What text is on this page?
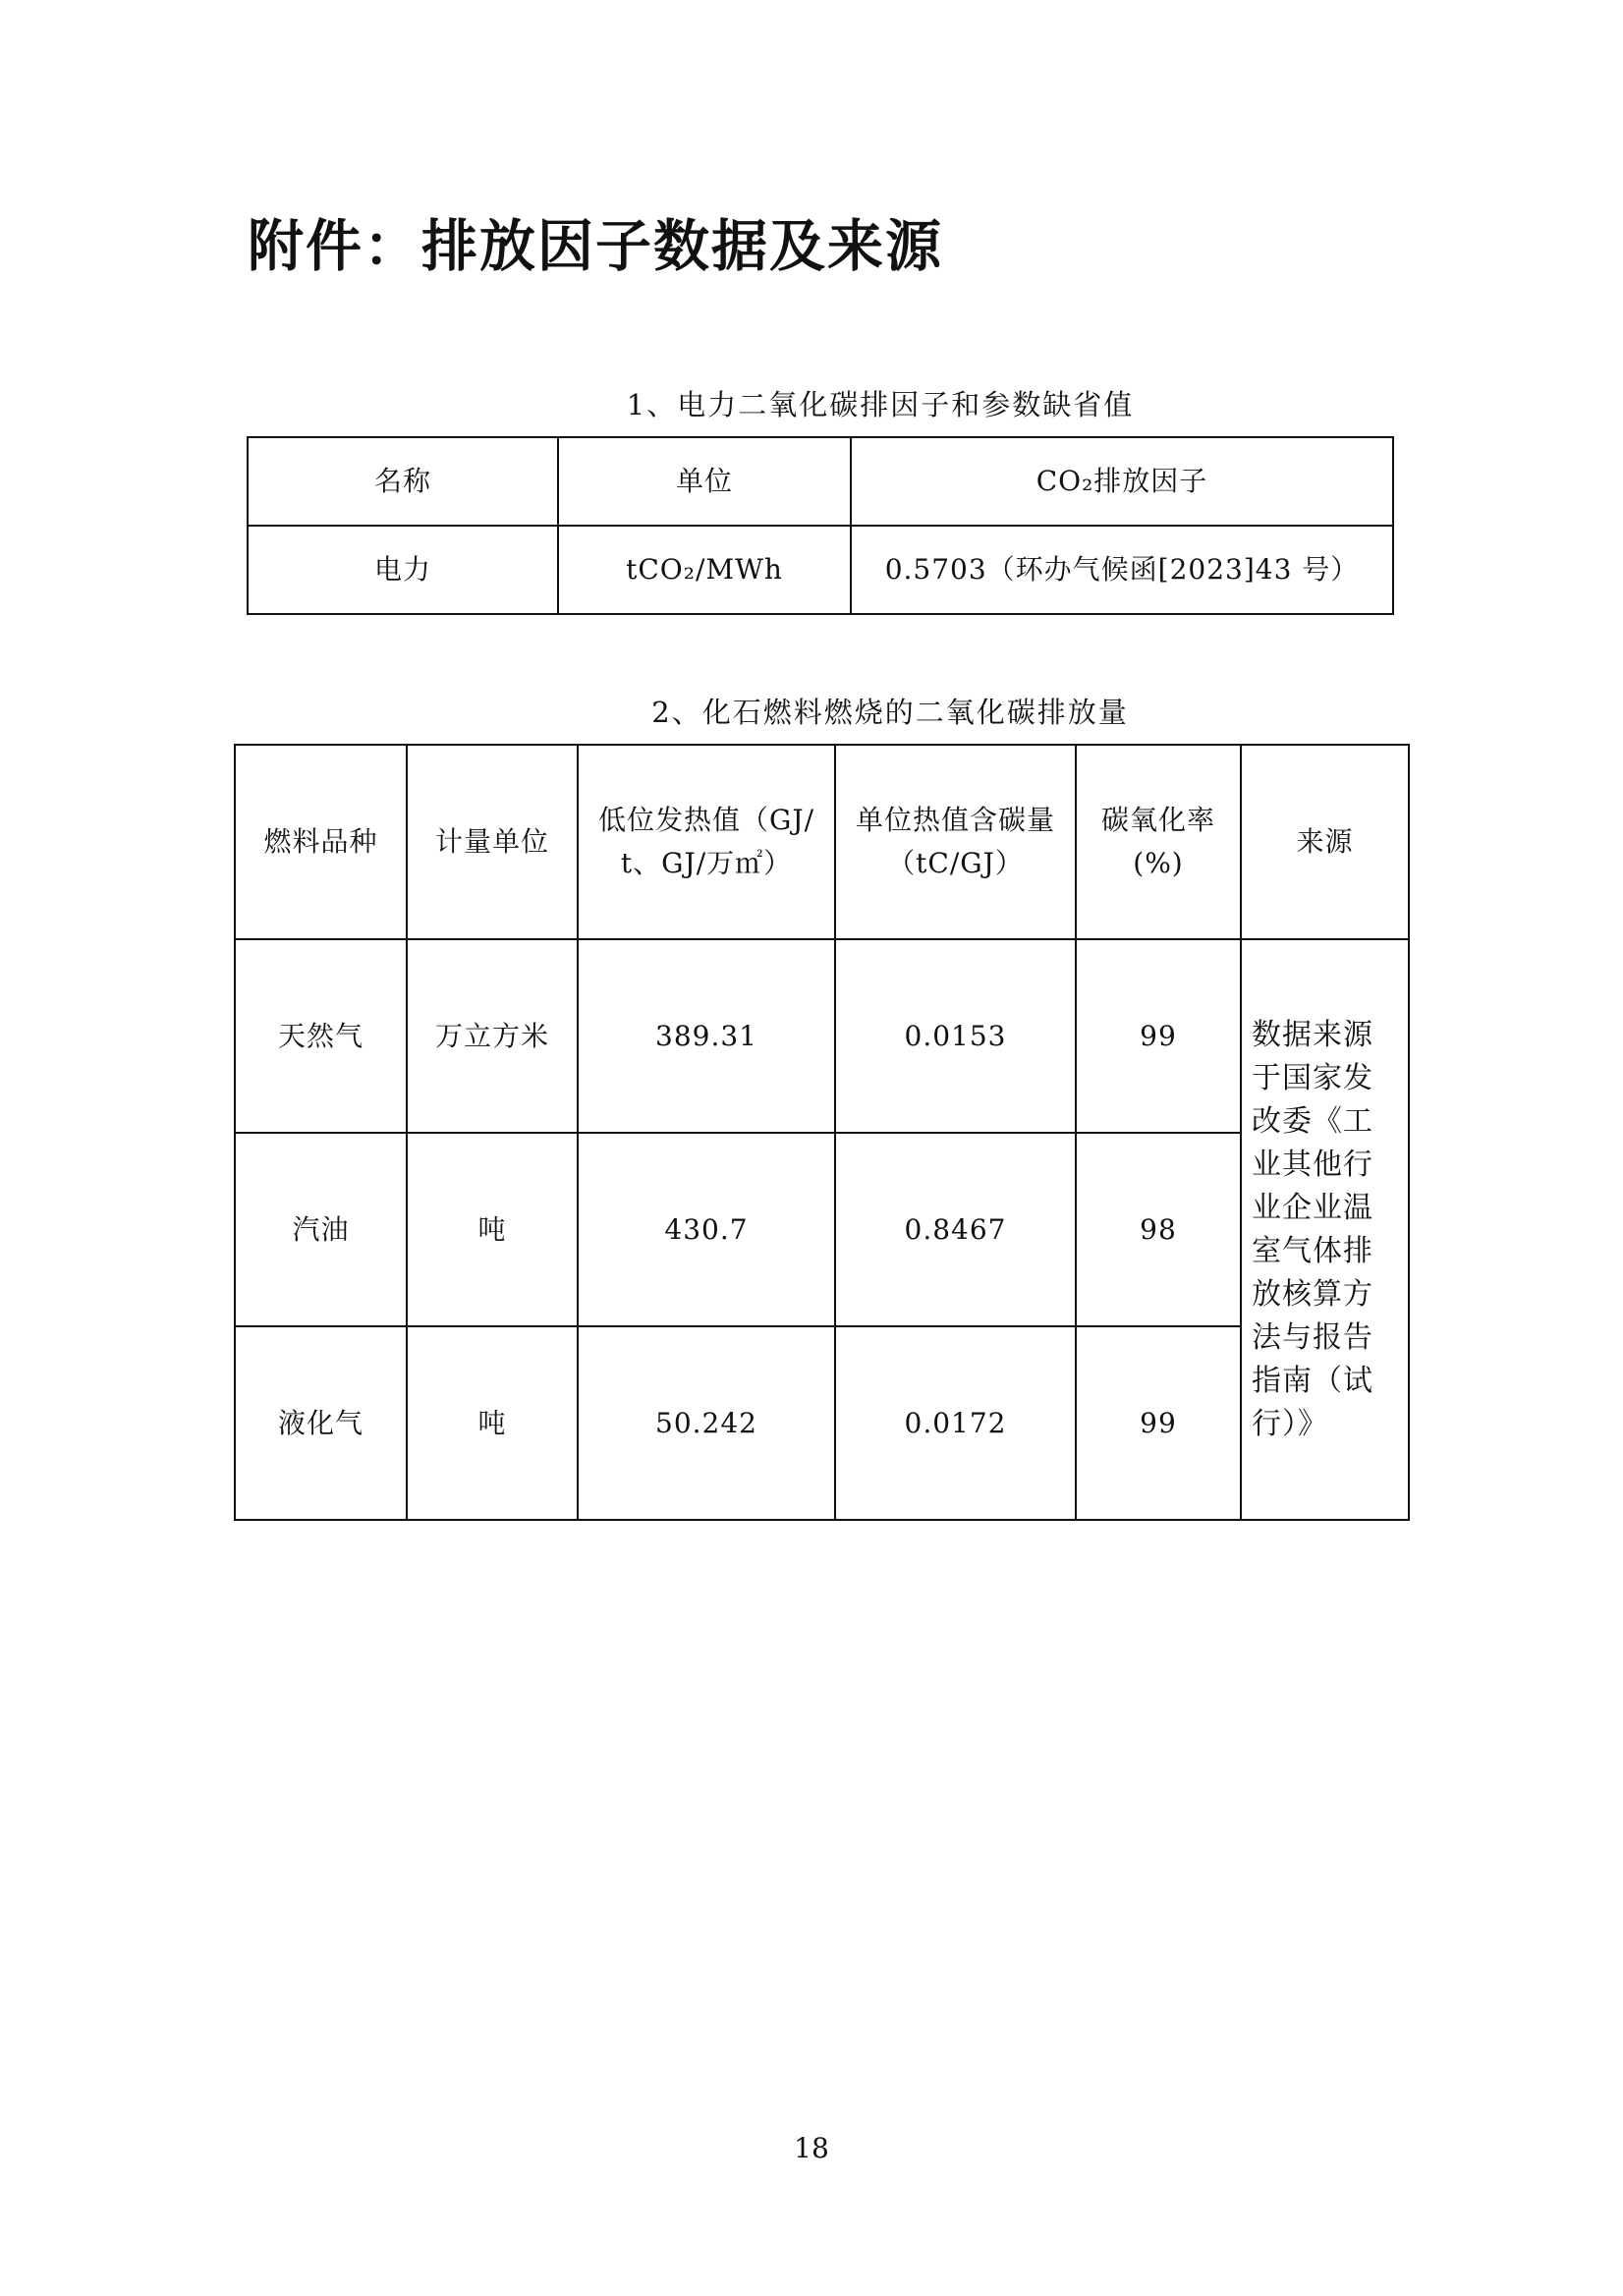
附件：排放因子数据及来源
1、电力二氧化碳排因子和参数缺省值
名称	单位	CO₂排放因子
电力	tCO₂/MWh	0.5703（环办气候函[2023]43 号）
2、化石燃料燃烧的二氧化碳排放量
燃料品种	计量单位	低位发热值（GJ/t、GJ/万㎡）	单位热值含碳量（tC/GJ）	碳氧化率(%)	来源
天然气	万立方米	389.31	0.0153	99	数据来源于国家发改委《工业其他行业企业温室气体排放核算方法与报告指南（试行）》
汽油	吨	430.7	0.8467	98	
液化气	吨	50.242	0.0172	99	
18
